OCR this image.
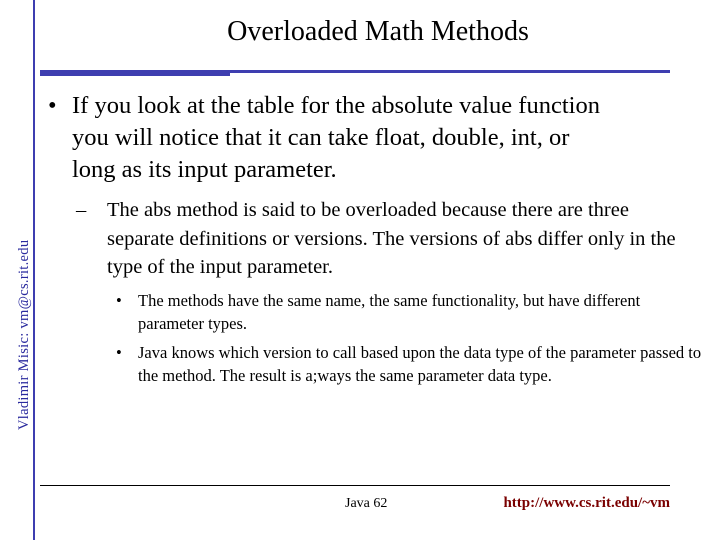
Vladimir Misic: vm@cs.rit.edu
Overloaded Math Methods
• If you look at the table for the absolute value function you will notice that it can take float, double, int, or long as its input parameter.
–	The abs method is said to be overloaded because there are three separate definitions or versions. The versions of abs differ only in the type of the input parameter.
• The methods have the same name, the same functionality, but have different parameter types.
• Java knows which version to call based upon the data type of the parameter passed to the method. The result is a;ways the same parameter data type.
Java 62	http://www.cs.rit.edu/~vm
